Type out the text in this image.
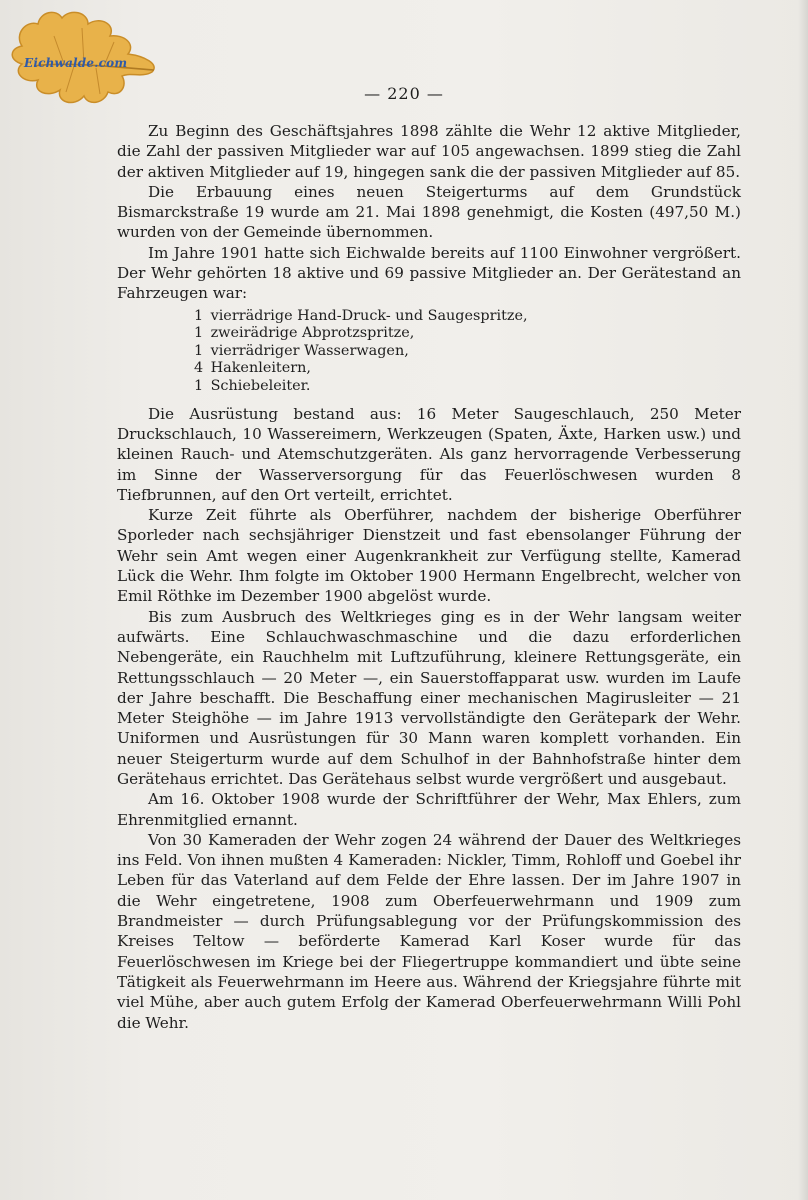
Eichwalde.com
— 220 —

Zu Beginn des Geschäftsjahres 1898 zählte die Wehr 12 aktive Mitglieder, die Zahl der passiven Mitglieder war auf 105 angewachsen. 1899 stieg die Zahl der aktiven Mitglieder auf 19, hingegen sank die der passiven Mitglieder auf 85.

Die Erbauung eines neuen Steigerturms auf dem Grundstück Bismarckstraße 19 wurde am 21. Mai 1898 genehmigt, die Kosten (497,50 M.) wurden von der Gemeinde übernommen.

Im Jahre 1901 hatte sich Eichwalde bereits auf 1100 Einwohner vergrößert. Der Wehr gehörten 18 aktive und 69 passive Mitglieder an. Der Gerätestand an Fahrzeugen war:

1 vierrädrige Hand-Druck- und Saugespritze,
1 zweirädrige Abprotzspritze,
1 vierrädriger Wasserwagen,
4 Hakenleitern,
1 Schiebeleiter.

Die Ausrüstung bestand aus: 16 Meter Saugeschlauch, 250 Meter Druckschlauch, 10 Wassereimern, Werkzeugen (Spaten, Äxte, Harken usw.) und kleinen Rauch- und Atemschutzgeräten. Als ganz hervorragende Verbesserung im Sinne der Wasserversorgung für das Feuerlöschwesen wurden 8 Tiefbrunnen, auf den Ort verteilt, errichtet.

Kurze Zeit führte als Oberführer, nachdem der bisherige Oberführer Sporleder nach sechsjähriger Dienstzeit und fast ebensolanger Führung der Wehr sein Amt wegen einer Augenkrankheit zur Verfügung stellte, Kamerad Lück die Wehr. Ihm folgte im Oktober 1900 Hermann Engelbrecht, welcher von Emil Röthke im Dezember 1900 abgelöst wurde.

Bis zum Ausbruch des Weltkrieges ging es in der Wehr langsam weiter aufwärts. Eine Schlauchwaschmaschine und die dazu erforderlichen Nebengeräte, ein Rauchhelm mit Luftzuführung, kleinere Rettungsgeräte, ein Rettungsschlauch — 20 Meter —, ein Sauerstoffapparat usw. wurden im Laufe der Jahre beschafft. Die Beschaffung einer mechanischen Magirusleiter — 21 Meter Steighöhe — im Jahre 1913 vervollständigte den Gerätepark der Wehr. Uniformen und Ausrüstungen für 30 Mann waren komplett vorhanden. Ein neuer Steigerturm wurde auf dem Schulhof in der Bahnhofstraße hinter dem Gerätehaus errichtet. Das Gerätehaus selbst wurde vergrößert und ausgebaut.

Am 16. Oktober 1908 wurde der Schriftführer der Wehr, Max Ehlers, zum Ehrenmitglied ernannt.

Von 30 Kameraden der Wehr zogen 24 während der Dauer des Weltkrieges ins Feld. Von ihnen mußten 4 Kameraden: Nickler, Timm, Rohloff und Goebel ihr Leben für das Vaterland auf dem Felde der Ehre lassen. Der im Jahre 1907 in die Wehr eingetretene, 1908 zum Oberfeuerwehrmann und 1909 zum Brandmeister — durch Prüfungsablegung vor der Prüfungskommission des Kreises Teltow — beförderte Kamerad Karl Koser wurde für das Feuerlöschwesen im Kriege bei der Fliegertruppe kommandiert und übte seine Tätigkeit als Feuerwehrmann im Heere aus. Während der Kriegsjahre führte mit viel Mühe, aber auch gutem Erfolg der Kamerad Oberfeuerwehrmann Willi Pohl die Wehr.
